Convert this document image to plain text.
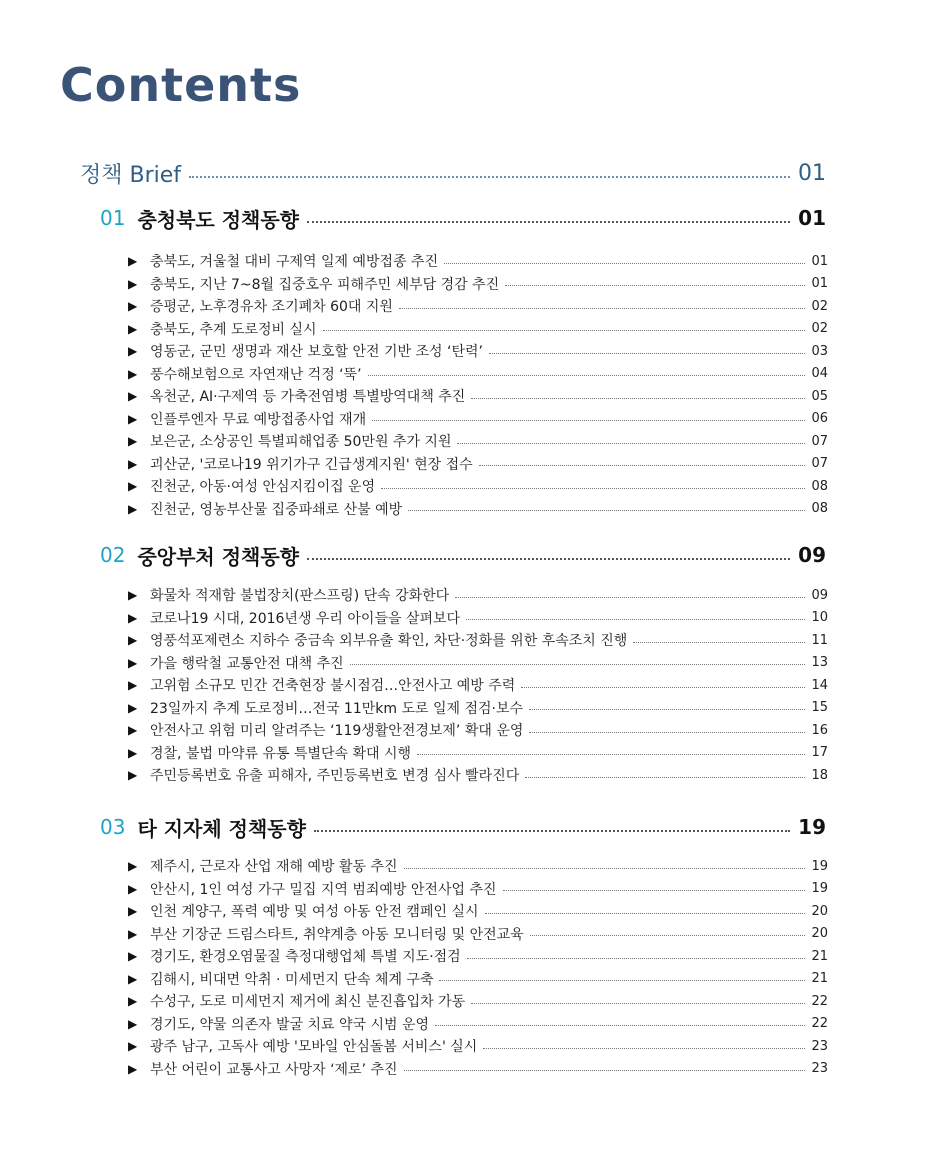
Contents
정책 Brief	01
01 충청북도 정책동향	01
▶ 충북도, 겨울철 대비 구제역 일제 예방접종 추진	01
▶ 충북도, 지난 7~8월 집중호우 피해주민 세부담 경감 추진	01
▶ 증평군, 노후경유차 조기폐차 60대 지원	02
▶ 충북도, 추계 도로정비 실시	02
▶ 영동군, 군민 생명과 재산 보호할 안전 기반 조성 ‘탄력’	03
▶ 풍수해보험으로 자연재난 걱정 ‘뚝’	04
▶ 옥천군, AI·구제역 등 가축전염병 특별방역대책 추진	05
▶ 인플루엔자 무료 예방접종사업 재개	06
▶ 보은군, 소상공인 특별피해업종 50만원 추가 지원	07
▶ 괴산군, '코로나19 위기가구 긴급생계지원' 현장 접수	07
▶ 진천군, 아동·여성 안심지킴이집 운영	08
▶ 진천군, 영농부산물 집중파쇄로 산불 예방	08
02 중앙부처 정책동향	09
▶ 화물차 적재함 불법장치(판스프링) 단속 강화한다	09
▶ 코로나19 시대, 2016년생 우리 아이들을 살펴보다	10
▶ 영풍석포제련소 지하수 중금속 외부유출 확인, 차단·정화를 위한 후속조치 진행	11
▶ 가을 행락철 교통안전 대책 추진	13
▶ 고위험 소규모 민간 건축현장 불시점검…안전사고 예방 주력	14
▶ 23일까지 추계 도로정비…전국 11만km 도로 일제 점검·보수	15
▶ 안전사고 위험 미리 알려주는 ‘119생활안전경보제’ 확대 운영	16
▶ 경찰, 불법 마약류 유통 특별단속 확대 시행	17
▶ 주민등록번호 유출 피해자, 주민등록번호 변경 심사 빨라진다	18
03 타 지자체 정책동향	19
▶ 제주시, 근로자 산업 재해 예방 활동 추진	19
▶ 안산시, 1인 여성 가구 밀집 지역 범죄예방 안전사업 추진	19
▶ 인천 계양구, 폭력 예방 및 여성 아동 안전 캠페인 실시	20
▶ 부산 기장군 드림스타트, 취약계층 아동 모니터링 및 안전교육	20
▶ 경기도, 환경오염물질 측정대행업체 특별 지도·점검	21
▶ 김해시, 비대면 악취 · 미세먼지 단속 체계 구축	21
▶ 수성구, 도로 미세먼지 제거에 최신 분진흡입차 가동	22
▶ 경기도, 약물 의존자 발굴 치료 약국 시범 운영	22
▶ 광주 남구, 고독사 예방 '모바일 안심돌봄 서비스' 실시	23
▶ 부산 어린이 교통사고 사망자 ‘제로’ 추진	23
